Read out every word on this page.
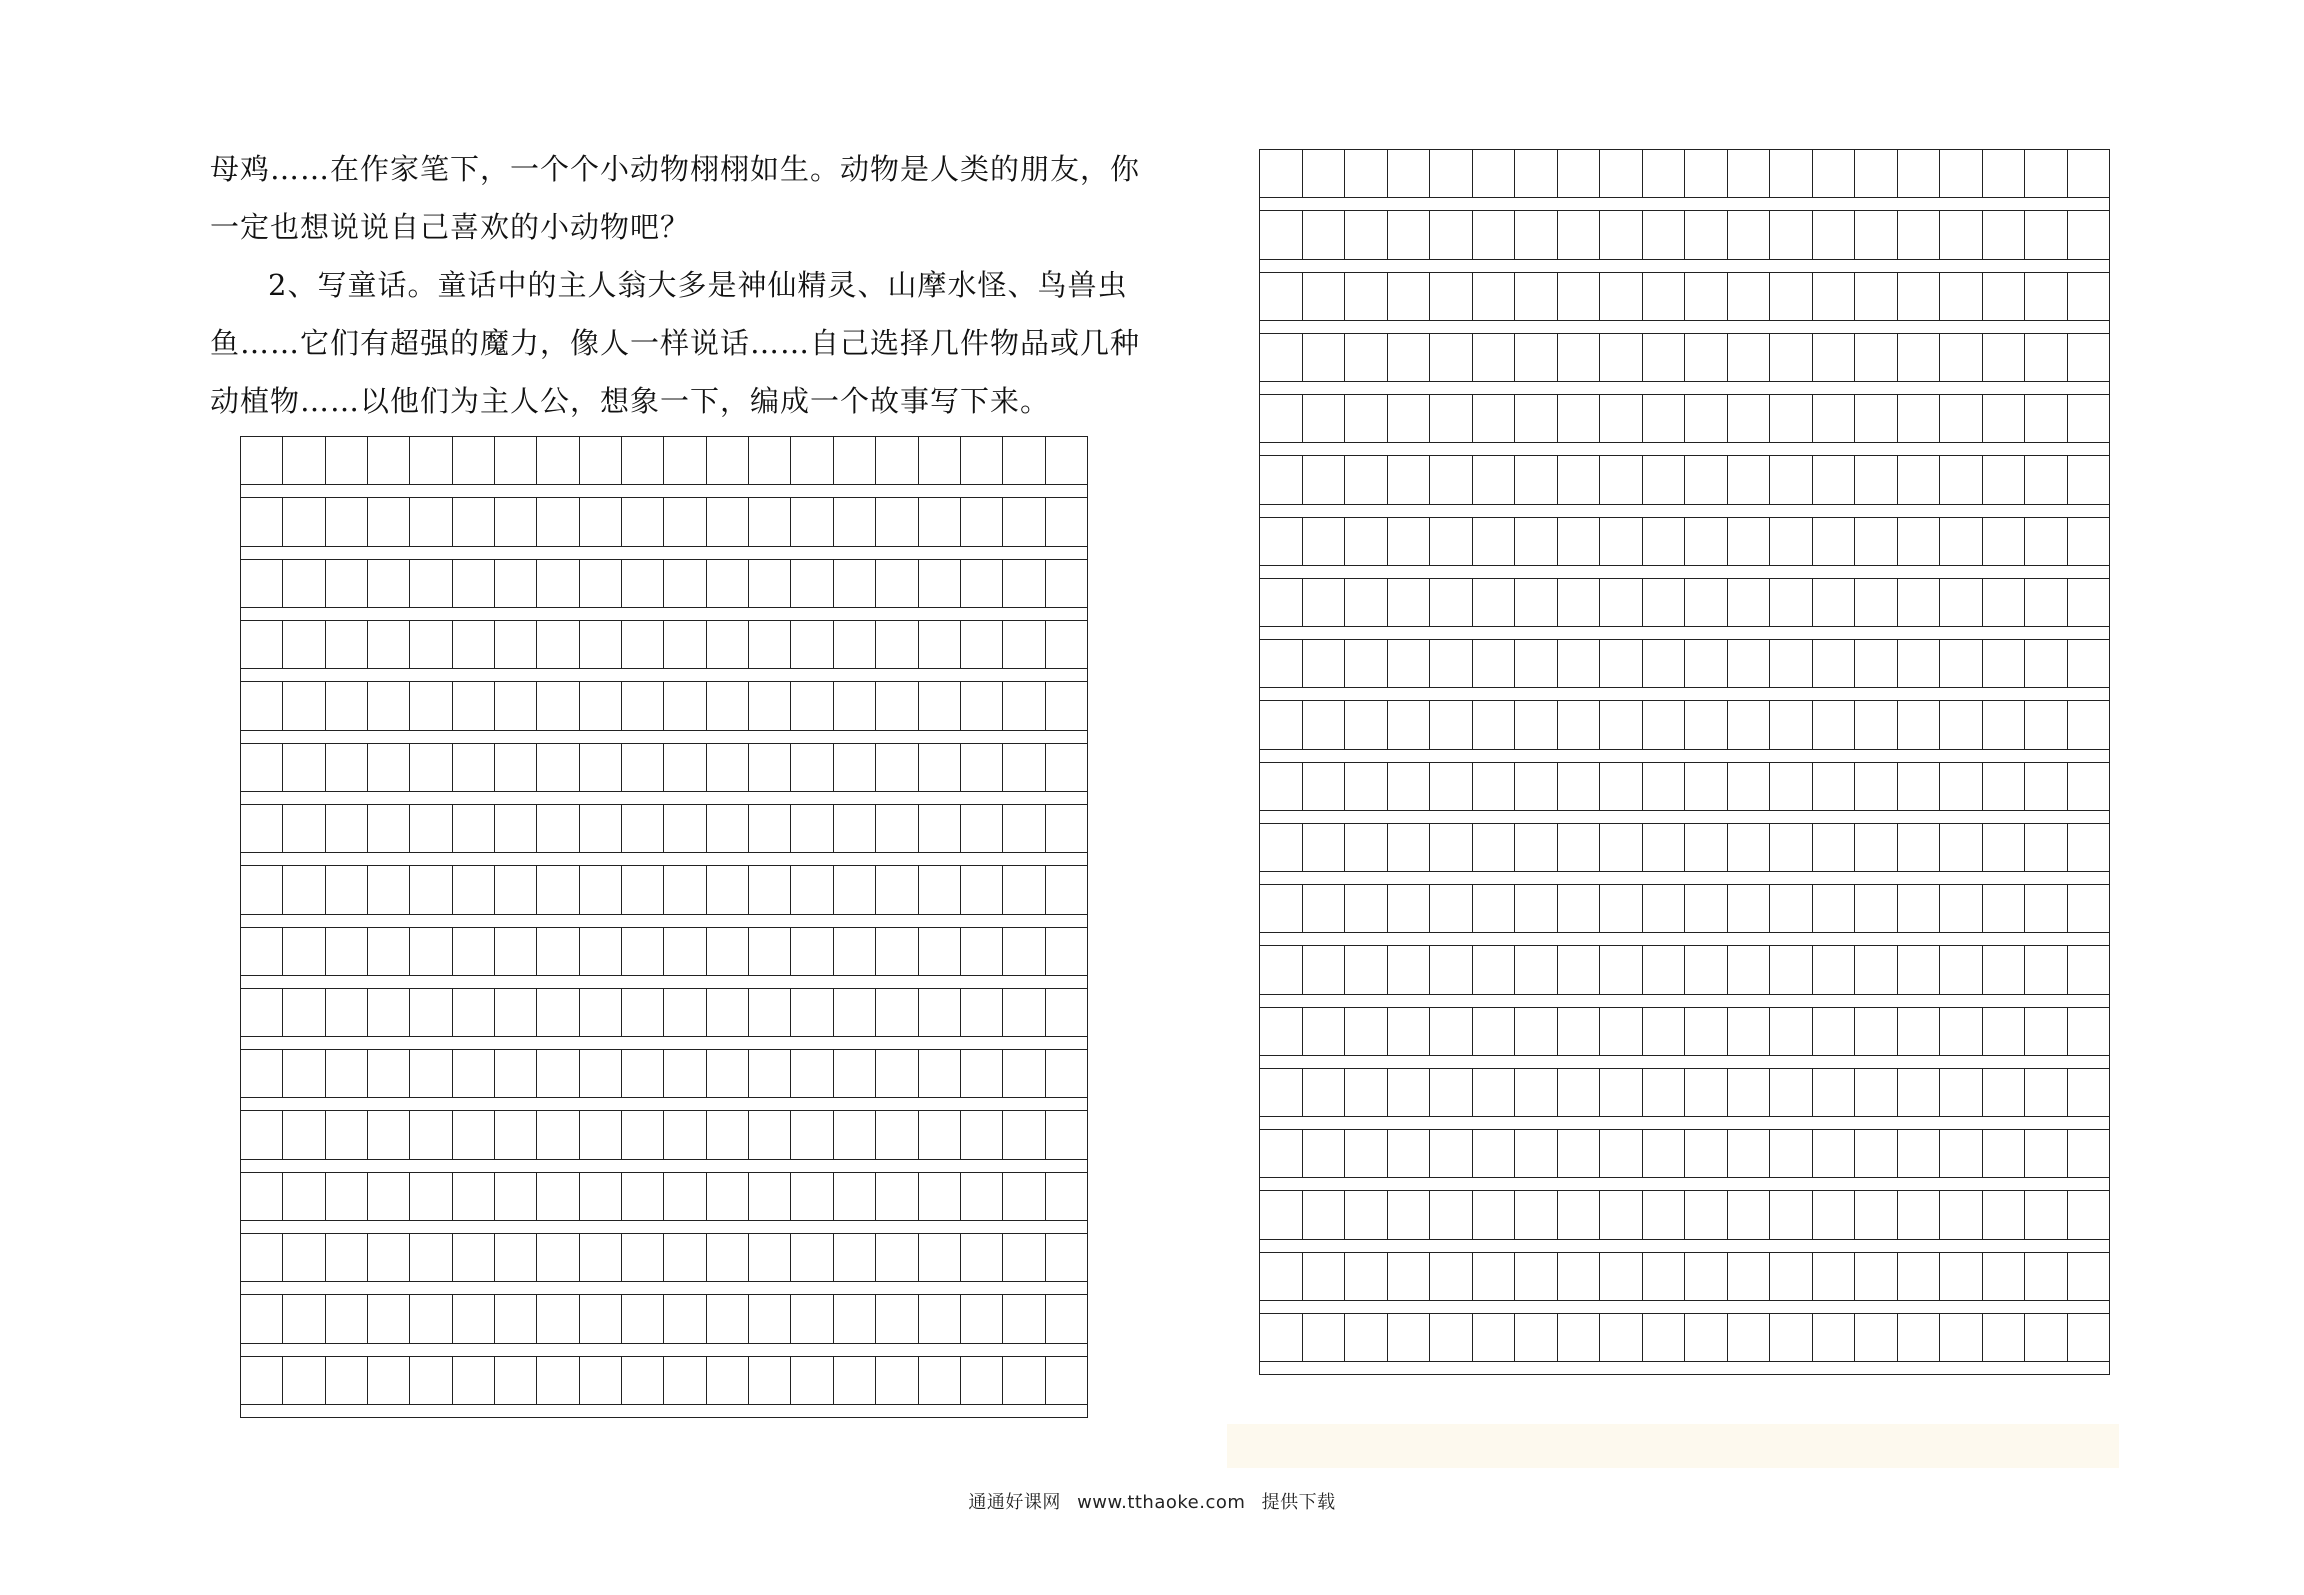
母鸡……在作家笔下，一个个小动物栩栩如生。动物是人类的朋友，你
一定也想说说自己喜欢的小动物吧？
2、写童话。童话中的主人翁大多是神仙精灵、山摩水怪、鸟兽虫
鱼……它们有超强的魔力，像人一样说话……自己选择几件物品或几种
动植物……以他们为主人公，想象一下，编成一个故事写下来。
通通好课网 www.tthaoke.com 提供下载
